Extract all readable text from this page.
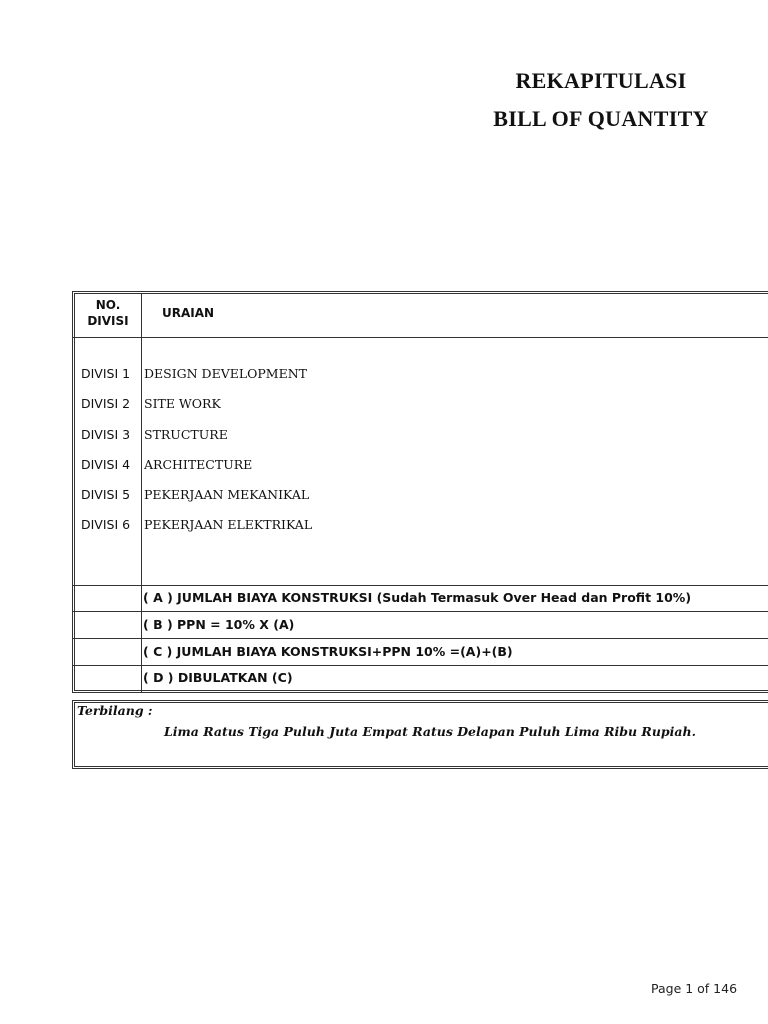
REKAPITULASI
BILL OF QUANTITY
NO.
DIVISI
URAIAN
DIVISI 1 DESIGN DEVELOPMENT
DIVISI 2 SITE WORK
DIVISI 3 STRUCTURE
DIVISI 4 ARCHITECTURE
DIVISI 5 PEKERJAAN MEKANIKAL
DIVISI 6 PEKERJAAN ELEKTRIKAL
( A ) JUMLAH BIAYA KONSTRUKSI (Sudah Termasuk Over Head dan Profit 10%)
( B ) PPN = 10% X (A)
( C ) JUMLAH BIAYA KONSTRUKSI+PPN 10% =(A)+(B)
( D ) DIBULATKAN (C)
Terbilang :
Lima Ratus Tiga Puluh Juta Empat Ratus Delapan Puluh Lima Ribu Rupiah.
Page 1 of 146
